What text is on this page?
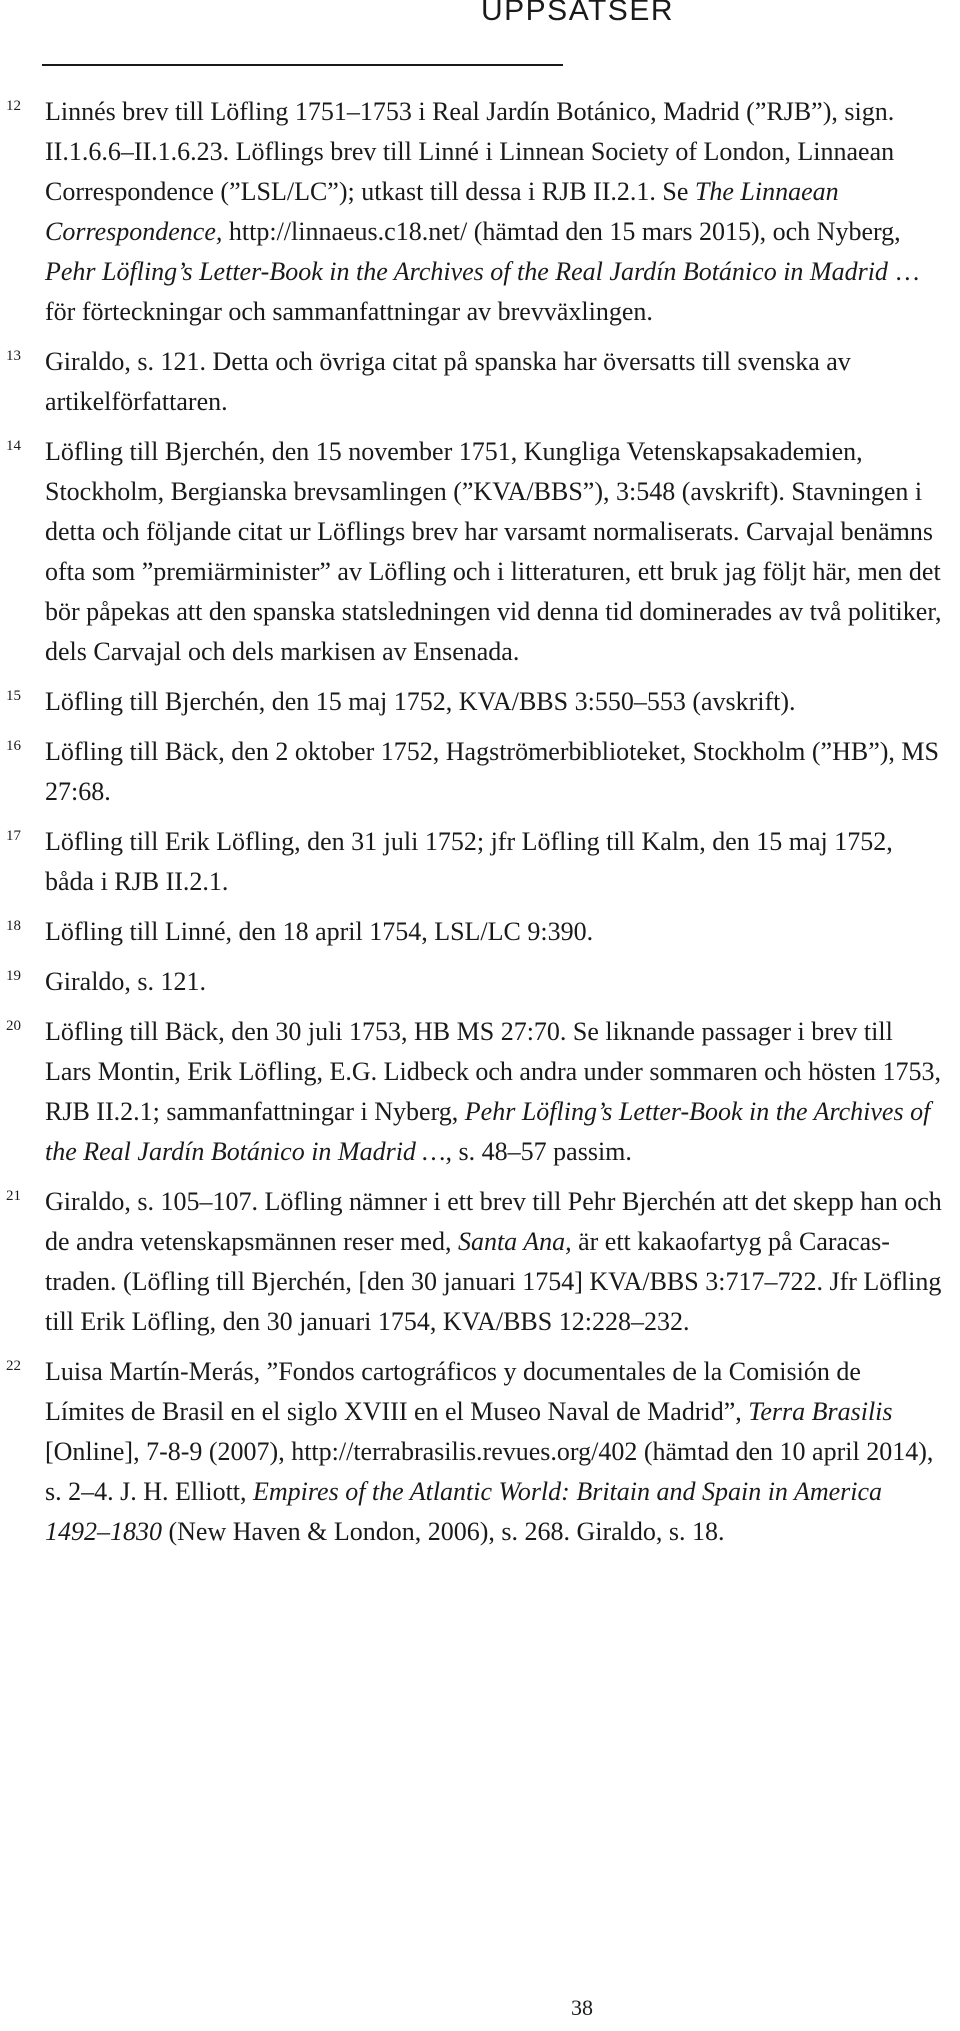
UPPSATSER
12 Linnés brev till Löfling 1751–1753 i Real Jardín Botánico, Madrid (”RJB”), sign. II.1.6.6–II.1.6.23. Löflings brev till Linné i Linnean Society of London, Linnaean Correspondence (”LSL/LC”); utkast till dessa i RJB II.2.1. Se The Linnaean Correspondence, http://linnaeus.c18.net/ (hämtad den 15 mars 2015), och Nyberg, Pehr Löfling’s Letter-Book in the Archives of the Real Jardín Botánico in Madrid … för förteckningar och sammanfattningar av brevväxlingen.
13 Giraldo, s. 121. Detta och övriga citat på spanska har översatts till svenska av artikelförfattaren.
14 Löfling till Bjerchén, den 15 november 1751, Kungliga Vetenskapsakademien, Stockholm, Bergianska brevsamlingen (”KVA/BBS”), 3:548 (avskrift). Stavningen i detta och följande citat ur Löflings brev har varsamt normaliserats. Carvajal benämns ofta som ”premiärminister” av Löfling och i litteraturen, ett bruk jag följt här, men det bör påpekas att den spanska statsledningen vid denna tid dominerades av två politiker, dels Carvajal och dels markisen av Ensenada.
15 Löfling till Bjerchén, den 15 maj 1752, KVA/BBS 3:550–553 (avskrift).
16 Löfling till Bäck, den 2 oktober 1752, Hagströmerbiblioteket, Stockholm (”HB”), MS 27:68.
17 Löfling till Erik Löfling, den 31 juli 1752; jfr Löfling till Kalm, den 15 maj 1752, båda i RJB II.2.1.
18 Löfling till Linné, den 18 april 1754, LSL/LC 9:390.
19 Giraldo, s. 121.
20 Löfling till Bäck, den 30 juli 1753, HB MS 27:70. Se liknande passager i brev till Lars Montin, Erik Löfling, E.G. Lidbeck och andra under sommaren och hösten 1753, RJB II.2.1; sammanfattningar i Nyberg, Pehr Löfling’s Letter-Book in the Archives of the Real Jardín Botánico in Madrid …, s. 48–57 passim.
21 Giraldo, s. 105–107. Löfling nämner i ett brev till Pehr Bjerchén att det skepp han och de andra vetenskapsmännen reser med, Santa Ana, är ett kakaofartyg på Caracas-traden. (Löfling till Bjerchén, [den 30 januari 1754] KVA/BBS 3:717–722. Jfr Löfling till Erik Löfling, den 30 januari 1754, KVA/BBS 12:228–232.
22 Luisa Martín-Merás, ”Fondos cartográficos y documentales de la Comisión de Límites de Brasil en el siglo XVIII en el Museo Naval de Madrid”, Terra Brasilis [Online], 7-8-9 (2007), http://terrabrasilis.revues.org/402 (hämtad den 10 april 2014), s. 2–4. J. H. Elliott, Empires of the Atlantic World: Britain and Spain in America 1492–1830 (New Haven & London, 2006), s. 268. Giraldo, s. 18.
38
